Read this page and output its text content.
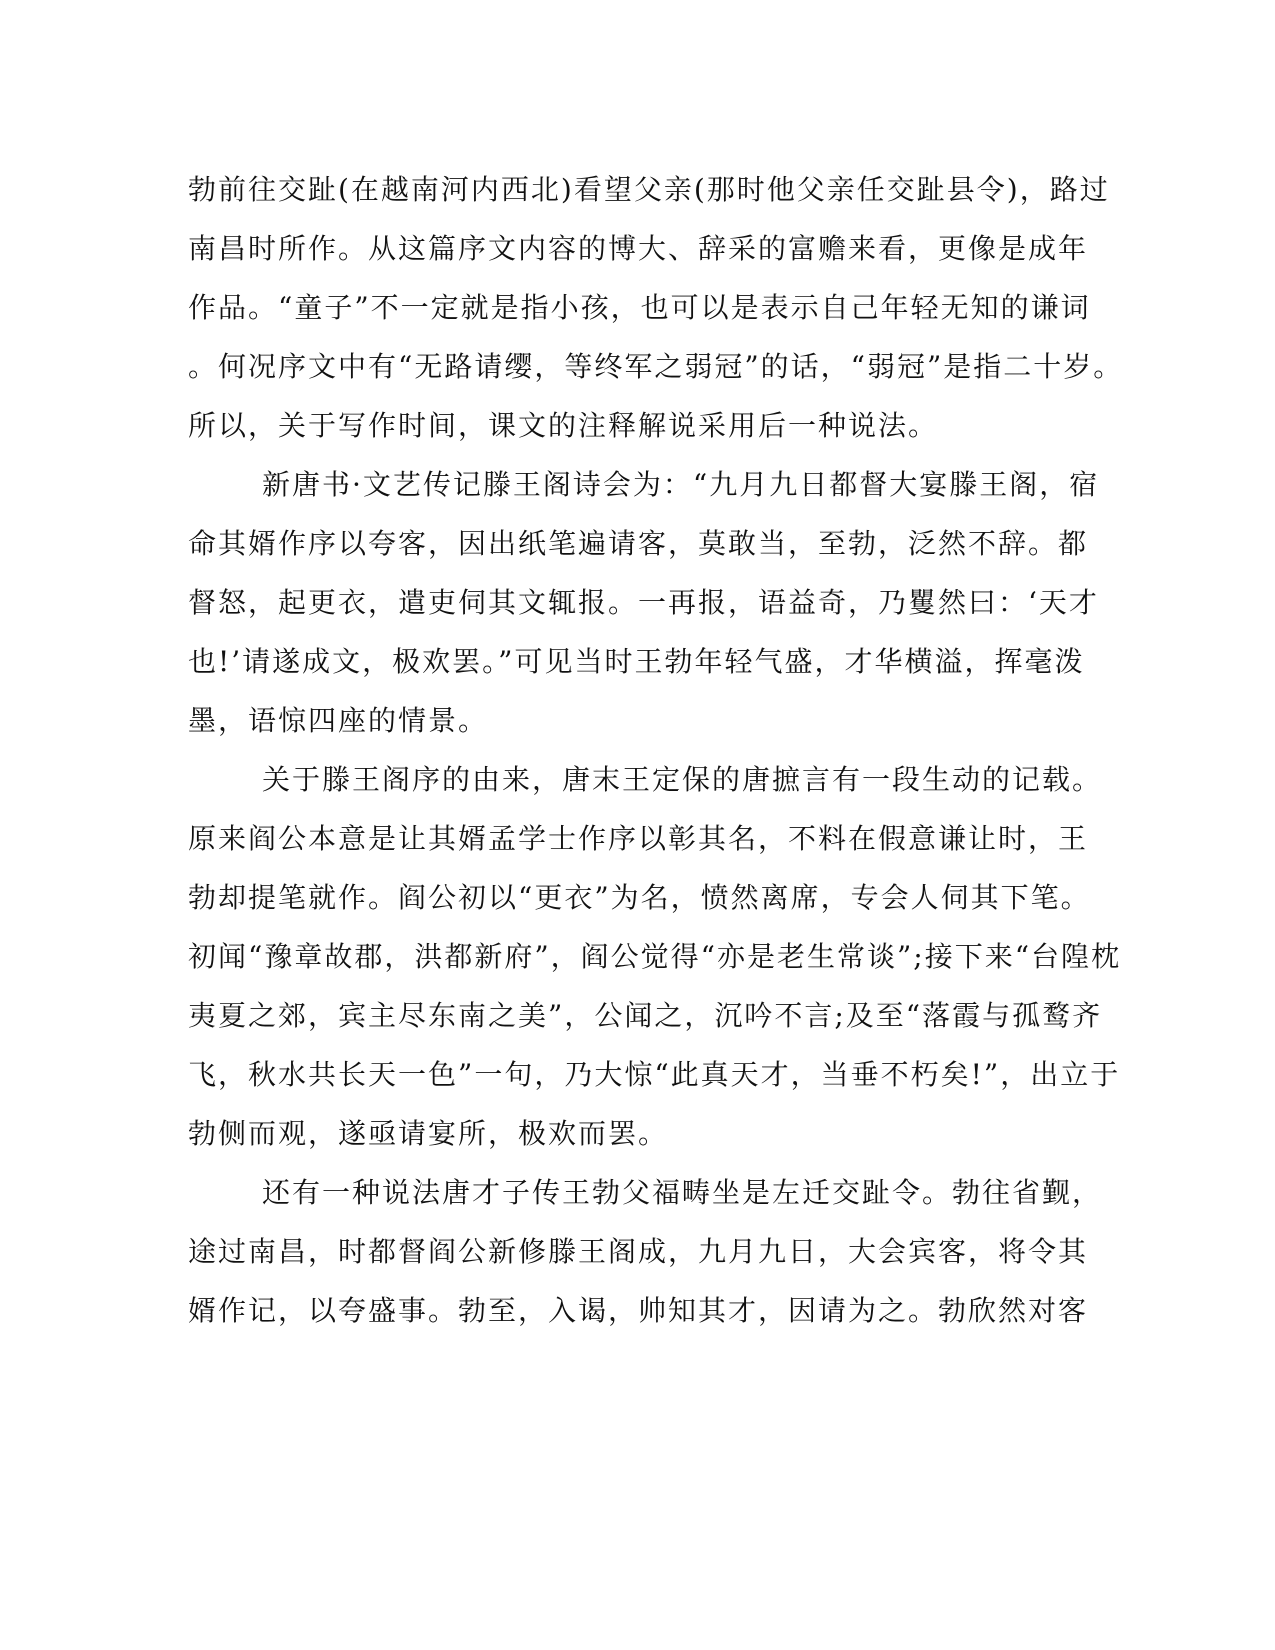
勃前往交趾(在越南河内西北)看望父亲(那时他父亲任交趾县令)，路过
南昌时所作。从这篇序文内容的博大、辞采的富赡来看，更像是成年
作品。“童子”不一定就是指小孩，也可以是表示自己年轻无知的谦词
。何况序文中有“无路请缨，等终军之弱冠”的话，“弱冠”是指二十岁。
所以，关于写作时间，课文的注释解说采用后一种说法。
新唐书·文艺传记滕王阁诗会为：“九月九日都督大宴滕王阁，宿
命其婿作序以夸客，因出纸笔遍请客，莫敢当，至勃，泛然不辞。都
督怒，起更衣，遣吏伺其文辄报。一再报，语益奇，乃矍然曰：‘天才
也!’请遂成文，极欢罢。”可见当时王勃年轻气盛，才华横溢，挥毫泼
墨，语惊四座的情景。
关于滕王阁序的由来，唐末王定保的唐摭言有一段生动的记载。
原来阎公本意是让其婿孟学士作序以彰其名，不料在假意谦让时，王
勃却提笔就作。阎公初以“更衣”为名，愤然离席，专会人伺其下笔。
初闻“豫章故郡，洪都新府”，阎公觉得“亦是老生常谈”;接下来“台隍枕
夷夏之郊，宾主尽东南之美”，公闻之，沉吟不言;及至“落霞与孤鹜齐
飞，秋水共长天一色”一句，乃大惊“此真天才，当垂不朽矣!”，出立于
勃侧而观，遂亟请宴所，极欢而罢。
还有一种说法唐才子传王勃父福畴坐是左迁交趾令。勃往省觐，
途过南昌，时都督阎公新修滕王阁成，九月九日，大会宾客，将令其
婿作记，以夸盛事。勃至，入谒，帅知其才，因请为之。勃欣然对客
